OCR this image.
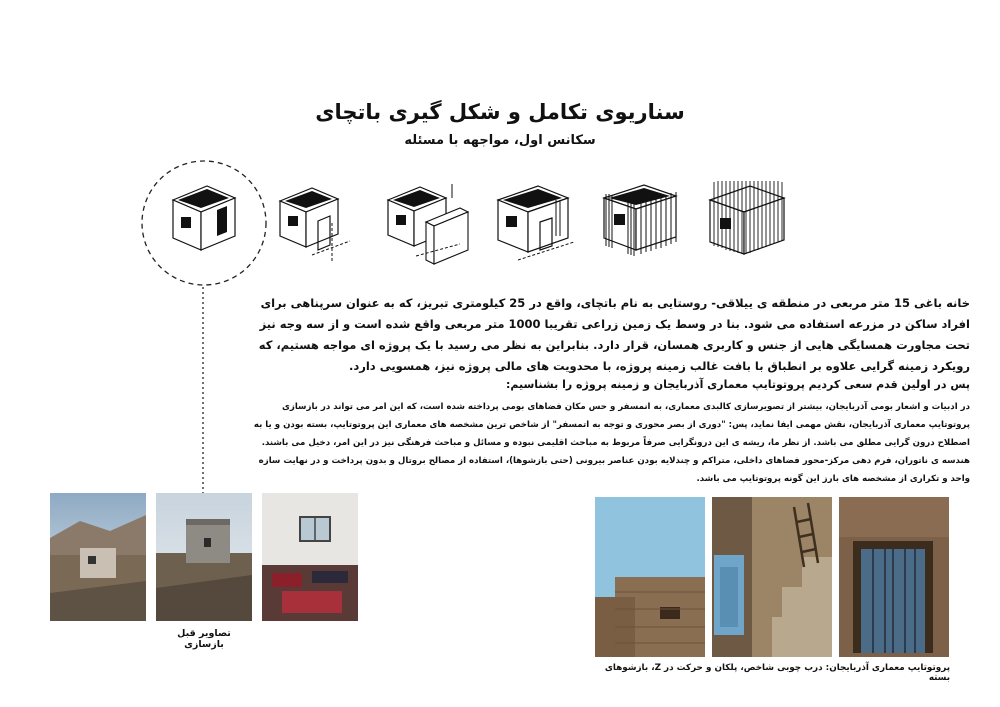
سناریوی تکامل و شکل گیری باتچای
سکانس اول، مواجهه با مسئله
خانه باغی 15 متر مربعی در منطقه ی ییلاقی- روستایی به نام باتچای، واقع در 25 کیلومتری تبریز، که به عنوان سرپناهی برای افراد ساکن در مزرعه استفاده می شود. بنا در وسط یک زمین زراعی تقریبا 1000 متر مربعی واقع شده است و از سه وجه نیز تحت مجاورت همسایگی هایی از جنس و کاربری همسان، قرار دارد. بنابراین به نظر می رسید با یک پروژه ای مواجه هستیم، که رویکرد زمینه گرایی علاوه بر انطباق با بافت غالب زمینه پروژه، با محدویت های مالی پروژه نیز، همسویی دارد.
پس در اولین قدم سعی کردیم پروتوتایپ معماری آذربایجان و زمینه پروژه را بشناسیم:
در ادبیات و اشعار بومی آذربایجان، بیشتر از تصویرسازی کالبدی معماری، به انمسفر و حس مکان فضاهای بومی پرداخته شده است، که این امر می تواند در بازسازی پروتوتایپ معماری آذربایجان، نقش مهمی ایفا نماید، پس: "دوری از بصر محوری و توجه به اتمسفر" از شاخص ترین مشخصه های معماری این پروتوتایپ، بسته بودن و یا به اصطلاح درون گرایی مطلق می باشد. از نظر ما، ریشه ی این درونگرایی صرفاً مربوط به مباحث اقلیمی نبوده و مسائل و مباحث فرهنگی نیز در این امر، دخیل می باشند. هندسه ی ناتوران، فرم دهی مرکز-محور فضاهای داخلی، متراکم و چندلایه بودن عناصر بیرونی (حتی بازشوها)، استفاده از مصالح بروتال و بدون پرداخت و در نهایت سازه واحد و تکراری از مشخصه های بارز این گونه پروتوتایپ می باشد.
تصاویر قبل بازسازی
پروتوتایپ معماری آذربایجان: درب چوبی شاخص، پلکان و حرکت در Z، بازشوهای بسته
